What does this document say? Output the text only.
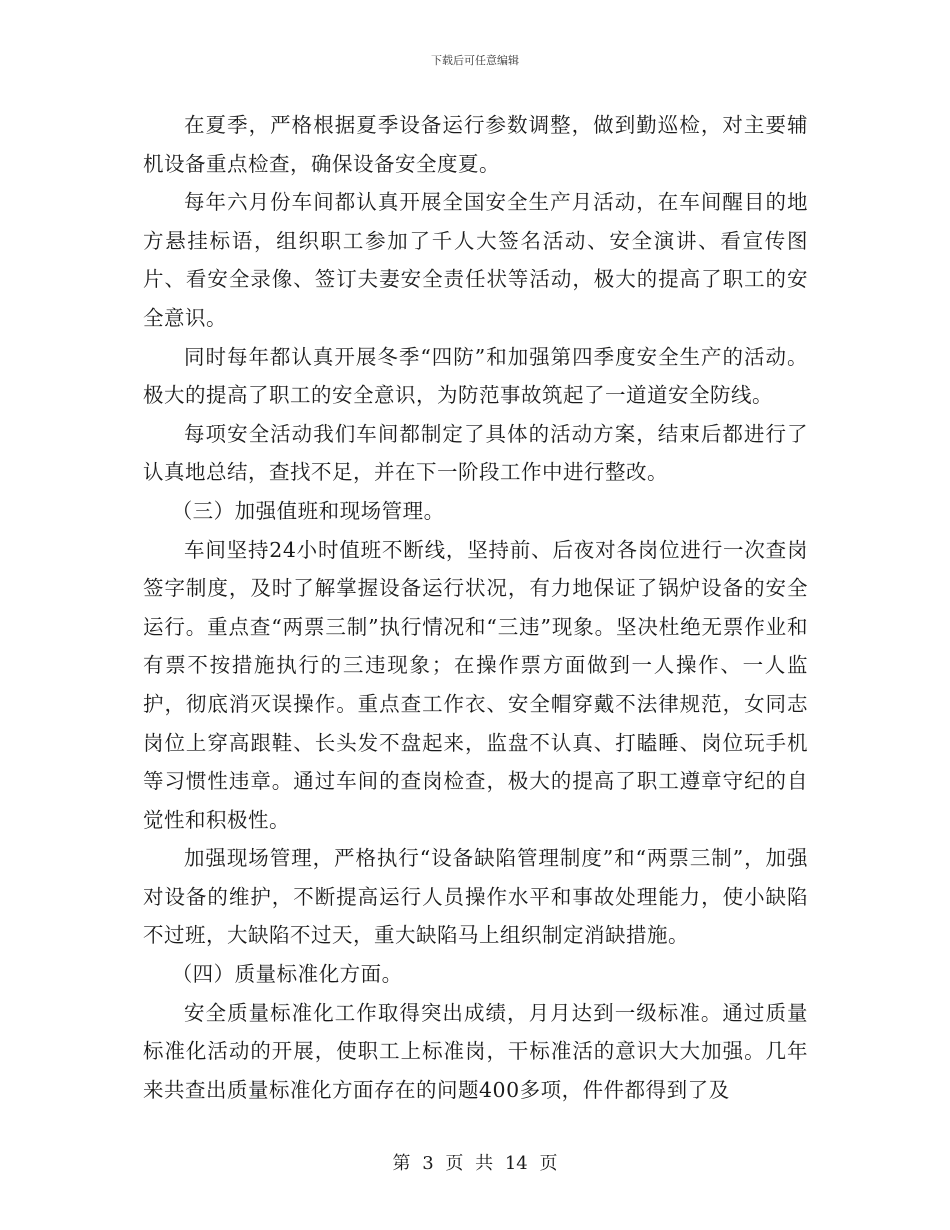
下载后可任意编辑

在夏季，严格根据夏季设备运行参数调整，做到勤巡检，对主要辅机设备重点检查，确保设备安全度夏。

每年六月份车间都认真开展全国安全生产月活动，在车间醒目的地方悬挂标语，组织职工参加了千人大签名活动、安全演讲、看宣传图片、看安全录像、签订夫妻安全责任状等活动，极大的提高了职工的安全意识。

同时每年都认真开展冬季“四防”和加强第四季度安全生产的活动。极大的提高了职工的安全意识，为防范事故筑起了一道道安全防线。

每项安全活动我们车间都制定了具体的活动方案，结束后都进行了认真地总结，查找不足，并在下一阶段工作中进行整改。

（三）加强值班和现场管理。

车间坚持24小时值班不断线，坚持前、后夜对各岗位进行一次查岗签字制度，及时了解掌握设备运行状况，有力地保证了锅炉设备的安全运行。重点查“两票三制”执行情况和“三违”现象。坚决杜绝无票作业和有票不按措施执行的三违现象；在操作票方面做到一人操作、一人监护，彻底消灭误操作。重点查工作衣、安全帽穿戴不法律规范，女同志岗位上穿高跟鞋、长头发不盘起来，监盘不认真、打瞌睡、岗位玩手机等习惯性违章。通过车间的查岗检查，极大的提高了职工遵章守纪的自觉性和积极性。

加强现场管理，严格执行“设备缺陷管理制度”和“两票三制”，加强对设备的维护，不断提高运行人员操作水平和事故处理能力，使小缺陷不过班，大缺陷不过天，重大缺陷马上组织制定消缺措施。

（四）质量标准化方面。

安全质量标准化工作取得突出成绩，月月达到一级标准。通过质量标准化活动的开展，使职工上标准岗，干标准活的意识大大加强。几年来共查出质量标准化方面存在的问题400多项，件件都得到了及

第 3 页 共 14 页
